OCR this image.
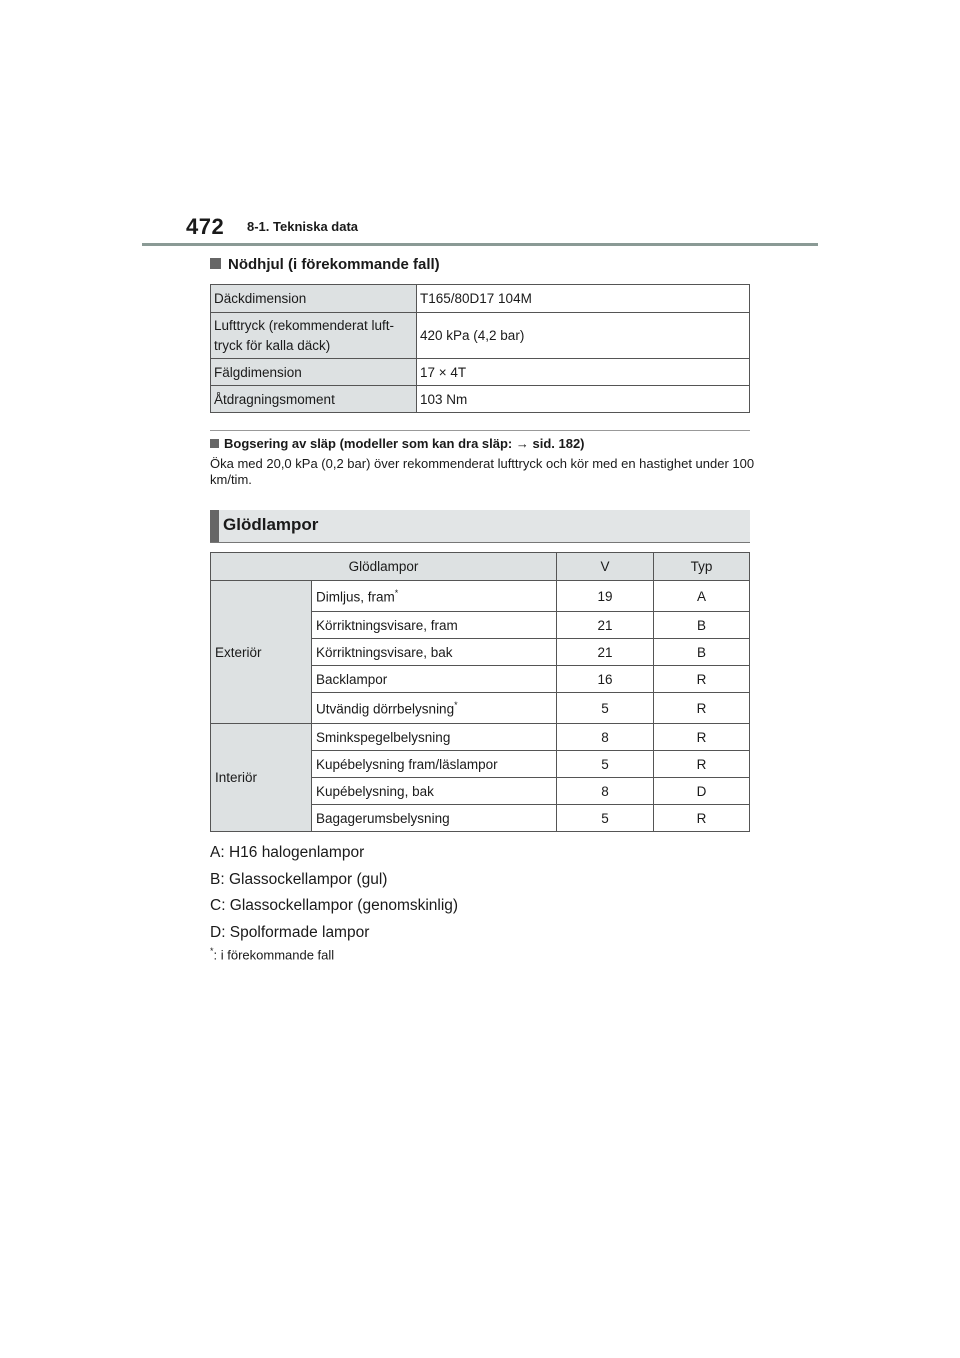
472 8-1. Tekniska data
Nödhjul (i förekommande fall)
Däckdimension	T165/80D17 104M
Lufttryck (rekommenderat luft-
tryck för kalla däck)	420 kPa (4,2 bar)
Fälgdimension	17 × 4T
Åtdragningsmoment	103 Nm
Bogsering av släp (modeller som kan dra släp: → sid. 182)
Öka med 20,0 kPa (0,2 bar) över rekommenderat lufttryck och kör med en hastighet under 100 km/tim.
Glödlampor
Glödlampor		V	Typ
Exteriör	Dimljus, fram*	19	A
	Körriktningsvisare, fram	21	B
	Körriktningsvisare, bak	21	B
	Backlampor	16	R
	Utvändig dörrbelysning*	5	R
Interiör	Sminkspegelbelysning	8	R
	Kupébelysning fram/läslampor	5	R
	Kupébelysning, bak	8	D
	Bagagerumsbelysning	5	R
A: H16 halogenlampor
B: Glassockellampor (gul)
C: Glassockellampor (genomskinlig)
D: Spolformade lampor
*: i förekommande fall
